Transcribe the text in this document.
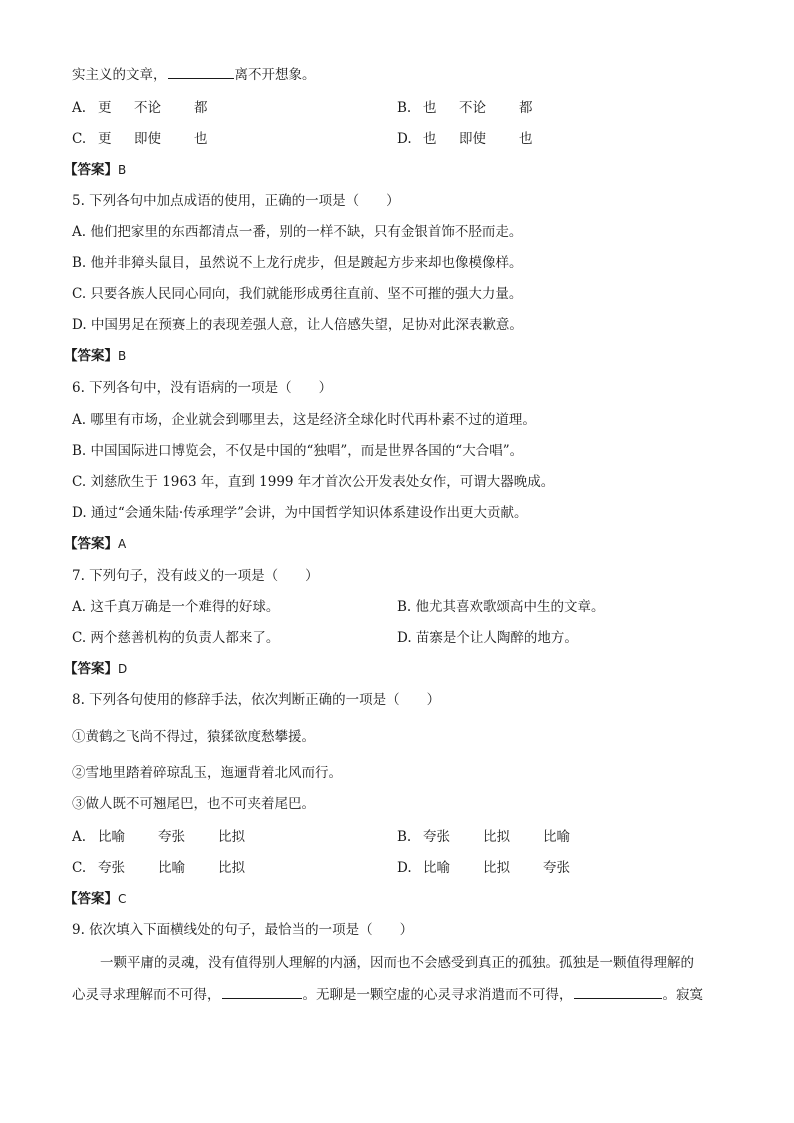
实主义的文章，	离不开想象。
A. 更 不论 都	B. 也 不论 都
C. 更 即使 也	D. 也 即使 也
【答案】B
5. 下列各句中加点成语的使用，正确的一项是（　　）
A. 他们把家里的东西都清点一番，别的一样不缺，只有金银首饰不胫而走。
B. 他并非獐头鼠目，虽然说不上龙行虎步，但是踱起方步来却也像模像样。
C. 只要各族人民同心同向，我们就能形成勇往直前、坚不可摧的强大力量。
D. 中国男足在预赛上的表现差强人意，让人倍感失望，足协对此深表歉意。
【答案】B
6. 下列各句中，没有语病的一项是（　　）
A. 哪里有市场，企业就会到哪里去，这是经济全球化时代再朴素不过的道理。
B. 中国国际进口博览会，不仅是中国的“独唱”，而是世界各国的“大合唱”。
C. 刘慈欣生于 1963 年，直到 1999 年才首次公开发表处女作，可谓大器晚成。
D. 通过“会通朱陆·传承理学”会讲，为中国哲学知识体系建设作出更大贡献。
【答案】A
7. 下列句子，没有歧义的一项是（　　）
A. 这千真万确是一个难得的好球。	B. 他尤其喜欢歌颂高中生的文章。
C. 两个慈善机构的负责人都来了。	D. 苗寨是个让人陶醉的地方。
【答案】D
8. 下列各句使用的修辞手法，依次判断正确的一项是（　　）
①黄鹤之飞尚不得过，猿猱欲度愁攀援。
②雪地里踏着碎琼乱玉，迤逦背着北风而行。
③做人既不可翘尾巴，也不可夹着尾巴。
A. 比喻 夸张 比拟	B. 夸张 比拟 比喻
C. 夸张 比喻 比拟	D. 比喻 比拟 夸张
【答案】C
9. 依次填入下面横线处的句子，最恰当的一项是（　　）
一颗平庸的灵魂，没有值得别人理解的内涵，因而也不会感受到真正的孤独。孤独是一颗值得理解的
心灵寻求理解而不可得，	。无聊是一颗空虚的心灵寻求消遣而不可得，	。寂寞
